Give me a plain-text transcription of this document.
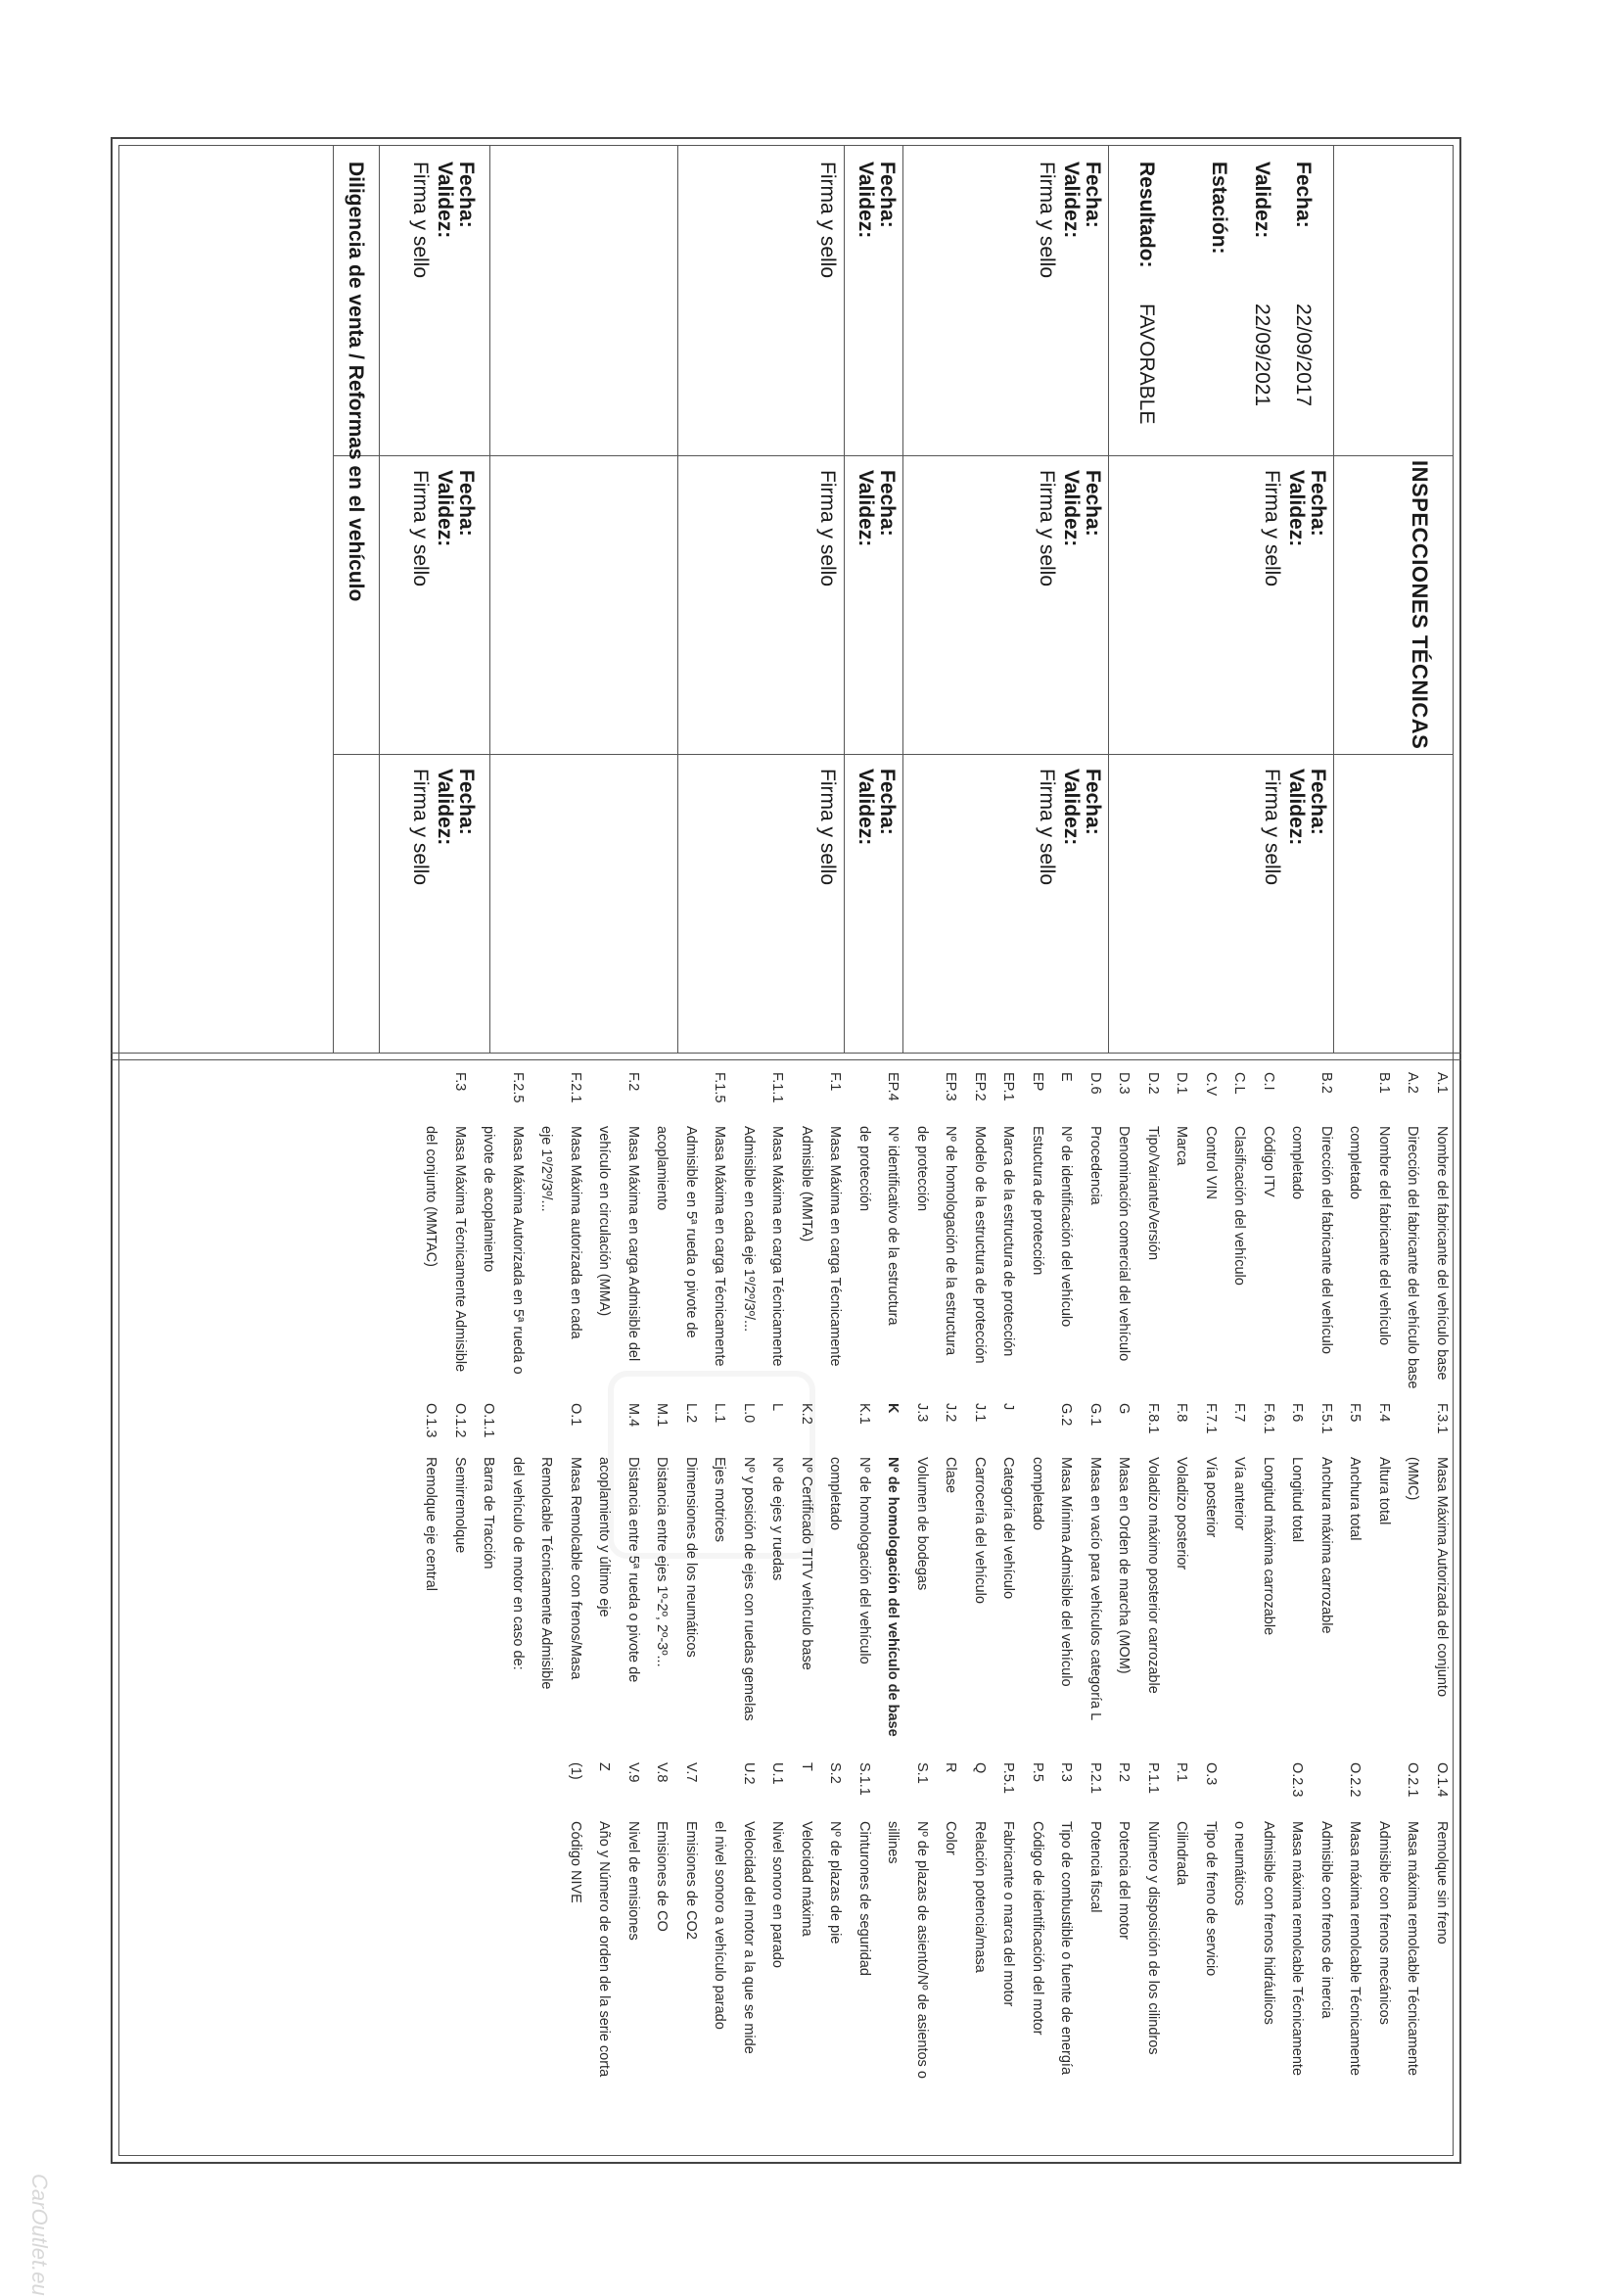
INSPECCIONES TÉCNICAS
Fecha:
22/09/2017
Validez:
22/09/2021
Estación:
Resultado:
FAVORABLE
Fecha:
Validez:
Firma y sello
Fecha:
Validez:
Firma y sello
Fecha:
Validez:
Firma y sello
Fecha:
Validez:
Firma y sello
Fecha:
Validez:
Firma y sello
Fecha:
Validez:
Firma y sello
Fecha:
Validez:
Firma y sello
Fecha:
Validez:
Firma y sello
Fecha:
Validez:
Firma y sello
Fecha:
Validez:
Firma y sello
Fecha:
Validez:
Firma y sello
Diligencia de venta / Reformas en el vehículo
A.1
Nombre del fabricante del vehículo base
A.2
Dirección del fabricante del vehículo base
B.1
Nombre del fabricante del vehículo
completado
B.2
Dirección del fabricante del vehículo
completado
C.I
Código ITV
C.L
Clasificación del vehículo
C.V
Control VIN
D.1
Marca
D.2
Tipo/Variante/Versión
D.3
Denominación comercial del vehículo
D.6
Procedencia
E
Nº de identificación del vehículo
EP
Estuctura de protección
EP.1
Marca de la estructura de protección
EP.2
Modelo de la estructura de protección
EP.3
Nº de homologación de la estructura
de protección
EP.4
Nº identificativo de la estructura
de protección
F.1
Masa Máxima en carga Técnicamente
Admisible (MMTA)
F.1.1
Masa Máxima en carga Técnicamente
Admisible en cada eje 1º/2º/3º/...
F.1.5
Masa Máxima en carga Técnicamente
Admisible en 5ª rueda o pivote de
acoplamiento
F.2
Masa Máxima en carga Admisible del
vehículo en circulación (MMA)
F.2.1
Masa Máxima autorizada en cada
eje 1º/2º/3º/...
F.2.5
Masa Máxima Autorizada en 5ª rueda o
pivote de acoplamiento
F.3
Masa Máxima Técnicamente Admisible
del conjunto (MMTAC)
F.3.1
Masa Máxima Autorizada del conjunto
(MMC)
F.4
Altura total
F.5
Anchura total
F.5.1
Anchura máxima carrozable
F.6
Longitud total
F.6.1
Longitud máxima carrozable
F.7
Vía anterior
F.7.1
Vía posterior
F.8
Voladizo posterior
F.8.1
Voladizo máximo posterior carrozable
G
Masa en Orden de marcha (MOM)
G.1
Masa en vacío para vehículos categoría L
G.2
Masa Mínima Admisible del vehículo
completado
J
Categoría del vehículo
J.1
Carrocería del vehículo
J.2
Clase
J.3
Volumen de bodegas
K
Nº de homologación del vehículo de base
K.1
Nº de homologación del vehículo
completado
K.2
Nº Certificado TITV vehículo base
L
Nº de ejes y ruedas
L.0
Nº y posición de ejes con ruedas gemelas
L.1
Ejes motrices
L.2
Dimensiones de los neumáticos
M.1
Distancia entre ejes 1º-2º, 2º-3º...
M.4
Distancia entre 5ª rueda o pivote de
acoplamiento y último eje
O.1
Masa Remolcable con frenos/Masa
Remolcable Técnicamente Admisible
del vehículo de motor en caso de:
O.1.1
Barra de Tracción
O.1.2
Semirremolque
O.1.3
Remolque eje central
O.1.4
Remolque sin freno
O.2.1
Masa máxima remolcable Técnicamente
Admisible con frenos mecánicos
O.2.2
Masa máxima remolcable Técnicamente
Admisible con frenos de inercia
O.2.3
Masa máxima remolcable Técnicamente
Admisible con frenos hidráulicos
o neumáticos
O.3
Tipo de freno de servicio
P.1
Cilindrada
P.1.1
Número y disposición de los cilindros
P.2
Potencia del motor
P.2.1
Potencia fiscal
P.3
Tipo de combustible o fuente de energía
P.5
Código de identificación del motor
P.5.1
Fabricante o marca del motor
Q
Relación potencia/masa
R
Color
S.1
Nº de plazas de asiento/Nº de asientos o
sillines
S.1.1
Cinturones de seguridad
S.2
Nº de plazas de pie
T
Velocidad máxima
U.1
Nivel sonoro en parado
U.2
Velocidad del motor a la que se mide
el nivel sonoro a vehículo parado
V.7
Emisiones de CO2
V.8
Emisiones de CO
V.9
Nivel de emisiones
Z
Año y Número de orden de la serie corta
(1)
Código NIVE
CarOutlet.eu
